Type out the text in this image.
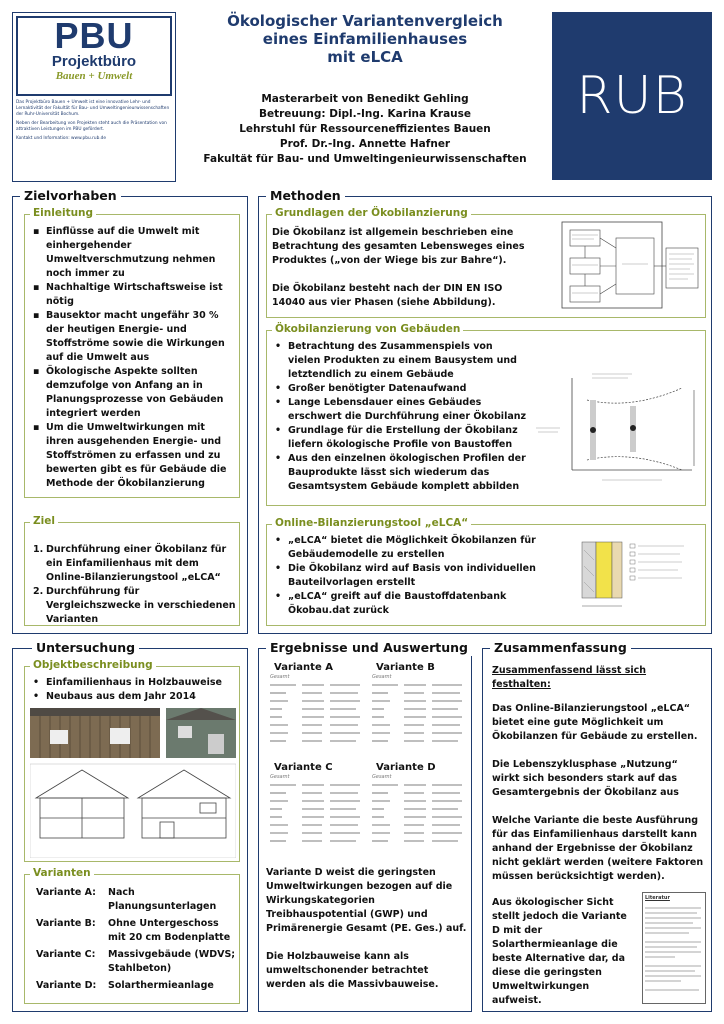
PBU
Projektbüro
Bauen + Umwelt

Das Projektbüro Bauen + Umwelt ist eine innovative Lehr- und Lernaktivität der Fakultät für Bau- und Umweltingenieurwissenschaften der Ruhr-Universität Bochum.

Neben der Bearbeitung von Projekten steht auch die Präsentation von attraktiven Leistungen im PBU gefördert.

Kontakt und Information: www.pbu.rub.de

Ökologischer Variantenvergleich
eines Einfamilienhauses
mit eLCA
Masterarbeit von Benedikt Gehling
Betreuung: Dipl.-Ing. Karina Krause
Lehrstuhl für Ressourceneffizientes Bauen
Prof. Dr.-Ing. Annette Hafner
Fakultät für Bau- und Umweltingenieurwissenschaften
RUB
Zielvorhaben
Einleitung
▪ Einflüsse auf die Umwelt mit einhergehender Umweltverschmutzung nehmen noch immer zu
▪ Nachhaltige Wirtschaftsweise ist nötig
▪ Bausektor macht ungefähr 30 % der heutigen Energie- und Stoffströme sowie die Wirkungen auf die Umwelt aus
▪ Ökologische Aspekte sollten demzufolge von Anfang an in Planungsprozesse von Gebäuden integriert werden
▪ Um die Umweltwirkungen mit ihren ausgehenden Energie- und Stoffströmen zu erfassen und zu bewerten gibt es für Gebäude die Methode der Ökobilanzierung
Ziel
1. Durchführung einer Ökobilanz für ein Einfamilienhaus mit dem Online-Bilanzierungstool „eLCA“
2. Durchführung für Vergleichszwecke in verschiedenen Varianten
Methoden
Grundlagen der Ökobilanzierung

Die Ökobilanz ist allgemein beschrieben eine Betrachtung des gesamten Lebensweges eines Produktes („von der Wiege bis zur Bahre“).

Die Ökobilanz besteht nach der DIN EN ISO 14040 aus vier Phasen (siehe Abbildung).

Ökobilanzierung von Gebäuden
• Betrachtung des Zusammenspiels von vielen Produkten zu einem Bausystem und letztendlich zu einem Gebäude
• Großer benötigter Datenaufwand
• Lange Lebensdauer eines Gebäudes erschwert die Durchführung einer Ökobilanz
• Grundlage für die Erstellung der Ökobilanz liefern ökologische Profile von Baustoffen
• Aus den einzelnen ökologischen Profilen der Bauprodukte lässt sich wiederum das Gesamtsystem Gebäude komplett abbilden
Online-Bilanzierungstool „eLCA“
• „eLCA“ bietet die Möglichkeit Ökobilanzen für Gebäudemodelle zu erstellen
• Die Ökobilanz wird auf Basis von individuellen Bauteilvorlagen erstellt
• „eLCA“ greift auf die Baustoffdatenbank Ökobau.dat zurück
Untersuchung
Objektbeschreibung
• Einfamilienhaus in Holzbauweise
• Neubaus aus dem Jahr 2014
Varianten
Variante A:	Nach Planungsunterlagen
Variante B:	Ohne Untergeschoss mit 20 cm Bodenplatte
Variante C:	Massivgebäude (WDVS; Stahlbeton)
Variante D:	Solarthermieanlage
Ergebnisse und Auswertung
Variante A
Gesamt
Variante B
Gesamt
Variante C
Gesamt
Variante D
Gesamt

Variante D weist die geringsten Umweltwirkungen bezogen auf die Wirkungskategorien Treibhauspotential (GWP) und Primärenergie Gesamt (PE. Ges.) auf.

Die Holzbauweise kann als umweltschonender betrachtet werden als die Massivbauweise.

Zusammenfassung

Zusammenfassend lässt sich festhalten:

Das Online-Bilanzierungstool „eLCA“ bietet eine gute Möglichkeit um Ökobilanzen für Gebäude zu erstellen.

Die Lebenszyklusphase „Nutzung“ wirkt sich besonders stark auf das Gesamtergebnis der Ökobilanz aus

Welche Variante die beste Ausführung für das Einfamilienhaus darstellt kann anhand der Ergebnisse der Ökobilanz nicht geklärt werden (weitere Faktoren müssen berücksichtigt werden).

Aus ökologischer Sicht stellt jedoch die Variante D mit der Solarthermieanlage die beste Alternative dar, da diese die geringsten Umweltwirkungen aufweist.

Literatur
